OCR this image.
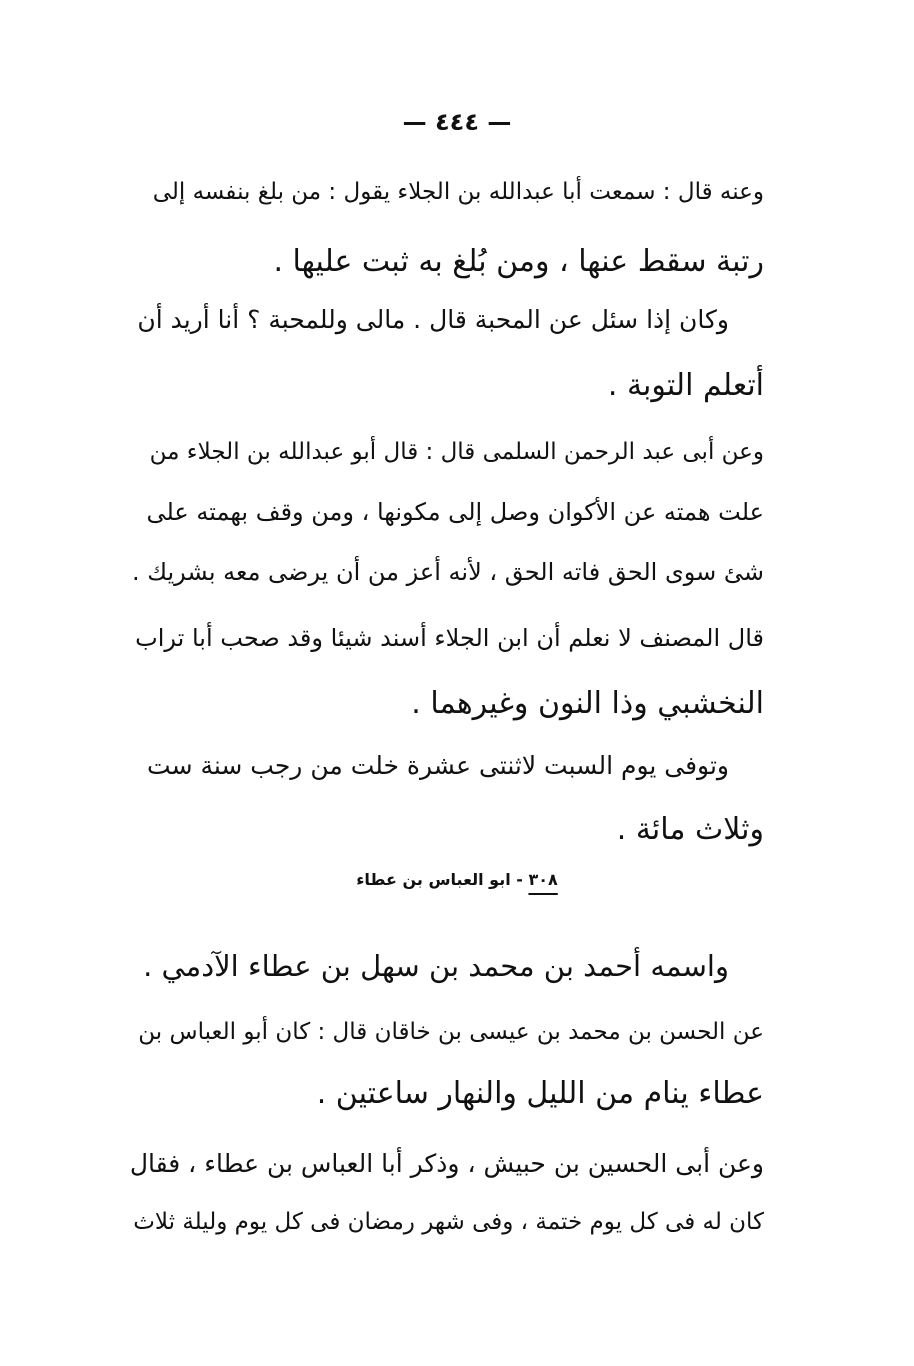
— ٤٤٤ —
وعنه قال : سمعت أبا عبدالله بن الجلاء يقول : من بلغ بنفسه إلى
رتبة سقط عنها ، ومن بُلغ به ثبت عليها .
وكان إذا سئل عن المحبة قال . مالى وللمحبة ؟ أنا أريد أن
أتعلم التوبة .
وعن أبى عبد الرحمن السلمى قال : قال أبو عبدالله بن الجلاء من
علت همته عن الأكوان وصل إلى مكونها ، ومن وقف بهمته على
شئ سوى الحق فاته الحق ، لأنه أعز من أن يرضى معه بشريك .
قال المصنف لا نعلم أن ابن الجلاء أسند شيئا وقد صحب أبا تراب
النخشبي وذا النون وغيرهما .
وتوفى يوم السبت لاثنتى عشرة خلت من رجب سنة ست
وثلاث مائة .
٣٠٨ - ابو العباس بن عطاء
واسمه أحمد بن محمد بن سهل بن عطاء الآدمي .
عن الحسن بن محمد بن عيسى بن خاقان قال : كان أبو العباس بن
عطاء ينام من الليل والنهار ساعتين .
وعن أبى الحسين بن حبيش ، وذكر أبا العباس بن عطاء ، فقال
كان له فى كل يوم ختمة ، وفى شهر رمضان فى كل يوم وليلة ثلاث
